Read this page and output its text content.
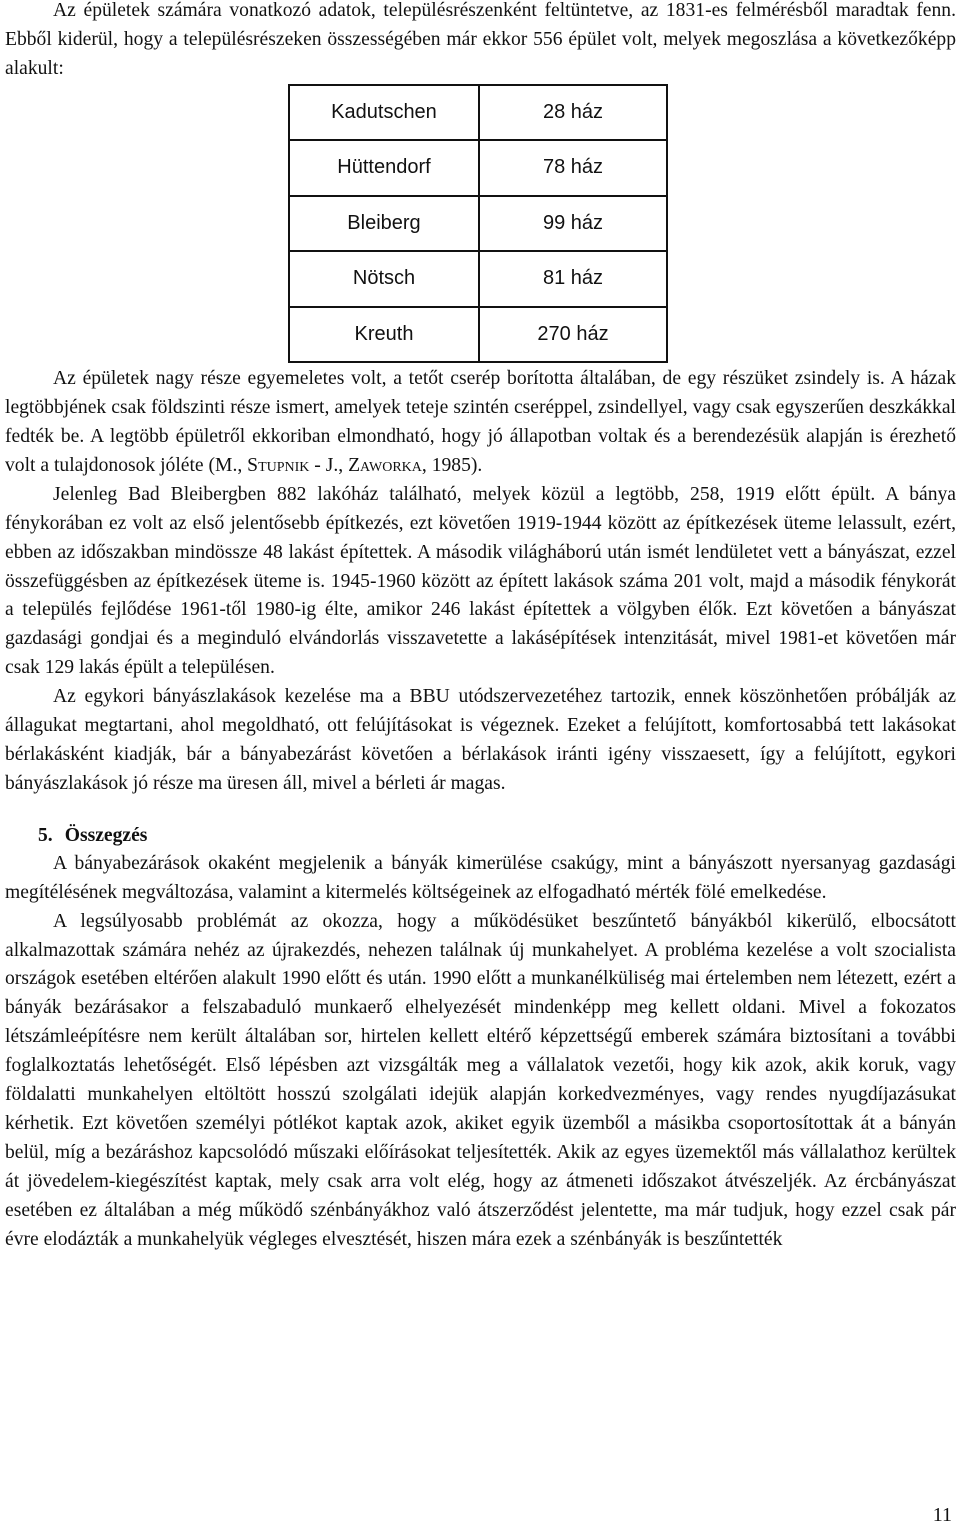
Az épületek számára vonatkozó adatok, településrészenként feltüntetve, az 1831-es felmérésből maradtak fenn. Ebből kiderül, hogy a településrészeken összességében már ekkor 556 épület volt, melyek megoszlása a következőképp alakult:

Kadutschen	28 ház
Hüttendorf	78 ház
Bleiberg	99 ház
Nötsch	81 ház
Kreuth	270 ház

Az épületek nagy része egyemeletes volt, a tetőt cserép borította általában, de egy részüket zsindely is. A házak legtöbbjének csak földszinti része ismert, amelyek teteje szintén cseréppel, zsindellyel, vagy csak egyszerűen deszkákkal fedték be. A legtöbb épületről ekkoriban elmondható, hogy jó állapotban voltak és a berendezésük alapján is érezhető volt a tulajdonosok jóléte (M., Stupnik - J., Zaworka, 1985).

Jelenleg Bad Bleibergben 882 lakóház található, melyek közül a legtöbb, 258, 1919 előtt épült. A bánya fénykorában ez volt az első jelentősebb építkezés, ezt követően 1919-1944 között az építkezések üteme lelassult, ezért, ebben az időszakban mindössze 48 lakást építettek. A második világháború után ismét lendületet vett a bányászat, ezzel összefüggésben az építkezések üteme is. 1945-1960 között az épített lakások száma 201 volt, majd a második fénykorát a település fejlődése 1961-től 1980-ig élte, amikor 246 lakást építettek a völgyben élők. Ezt követően a bányászat gazdasági gondjai és a meginduló elvándorlás visszavetette a lakásépítések intenzitását, mivel 1981-et követően már csak 129 lakás épült a településen.

Az egykori bányászlakások kezelése ma a BBU utódszervezetéhez tartozik, ennek köszönhetően próbálják az állagukat megtartani, ahol megoldható, ott felújításokat is végeznek. Ezeket a felújított, komfortosabbá tett lakásokat bérlakásként kiadják, bár a bányabezárást követően a bérlakások iránti igény visszaesett, így a felújított, egykori bányászlakások jó része ma üresen áll, mivel a bérleti ár magas.

5. Összegzés

A bányabezárások okaként megjelenik a bányák kimerülése csakúgy, mint a bányászott nyersanyag gazdasági megítélésének megváltozása, valamint a kitermelés költségeinek az elfogadható mérték fölé emelkedése.

A legsúlyosabb problémát az okozza, hogy a működésüket beszűntető bányákból kikerülő, elbocsátott alkalmazottak számára nehéz az újrakezdés, nehezen találnak új munkahelyet. A probléma kezelése a volt szocialista országok esetében eltérően alakult 1990 előtt és után. 1990 előtt a munkanélküliség mai értelemben nem létezett, ezért a bányák bezárásakor a felszabaduló munkaerő elhelyezését mindenképp meg kellett oldani. Mivel a fokozatos létszámleépítésre nem került általában sor, hirtelen kellett eltérő képzettségű emberek számára biztosítani a további foglalkoztatás lehetőségét. Első lépésben azt vizsgálták meg a vállalatok vezetői, hogy kik azok, akik koruk, vagy földalatti munkahelyen eltöltött hosszú szolgálati idejük alapján korkedvezményes, vagy rendes nyugdíjazásukat kérhetik. Ezt követően személyi pótlékot kaptak azok, akiket egyik üzemből a másikba csoportosítottak át a bányán belül, míg a bezáráshoz kapcsolódó műszaki előírásokat teljesítették. Akik az egyes üzemektől más vállalathoz kerültek át jövedelem-kiegészítést kaptak, mely csak arra volt elég, hogy az átmeneti időszakot átvészeljék. Az ércbányászat esetében ez általában a még működő szénbányákhoz való átszerződést jelentette, ma már tudjuk, hogy ezzel csak pár évre elodázták a munkahelyük végleges elvesztését, hiszen mára ezek a szénbányák is beszűntették

11
